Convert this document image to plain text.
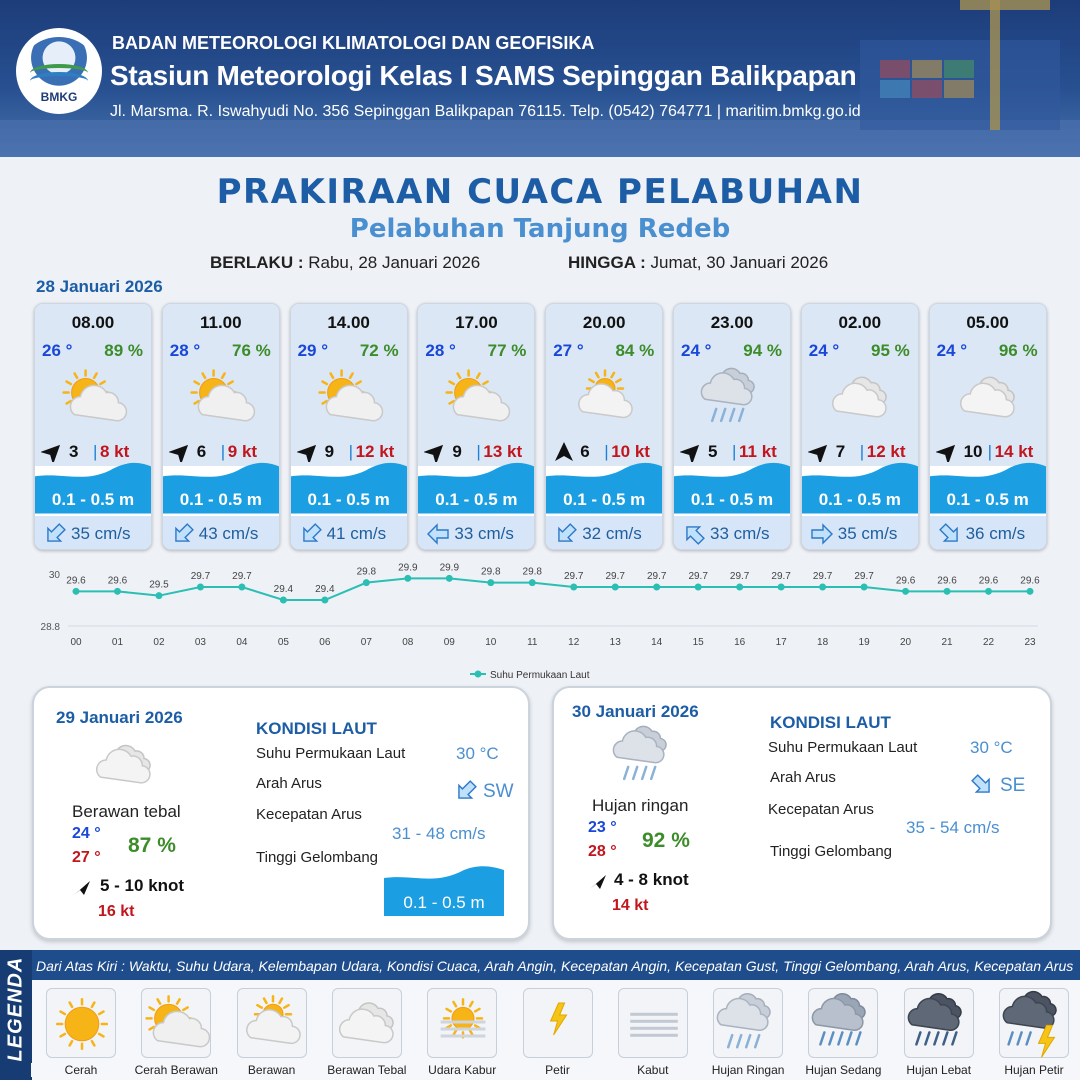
BMKG
BADAN METEOROLOGI KLIMATOLOGI DAN GEOFISIKA
Stasiun Meteorologi Kelas I SAMS Sepinggan Balikpapan
Jl. Marsma. R. Iswahyudi No. 356 Sepinggan Balikpapan 76115. Telp. (0542) 764771 | maritim.bmkg.go.id
PRAKIRAAN CUACA PELABUHAN
Pelabuhan Tanjung Redeb
BERLAKU : Rabu, 28 Januari 2026	HINGGA : Jumat, 30 Januari 2026
28 Januari 2026
08.00
26 ° 89 %
3 | 8 kt
0.1 - 0.5 m
35 cm/s
11.00
28 ° 76 %
6 | 9 kt
0.1 - 0.5 m
43 cm/s
14.00
29 ° 72 %
9 | 12 kt
0.1 - 0.5 m
41 cm/s
17.00
28 ° 77 %
9 | 13 kt
0.1 - 0.5 m
33 cm/s
20.00
27 ° 84 %
6 | 10 kt
0.1 - 0.5 m
32 cm/s
23.00
24 ° 94 %
5 | 11 kt
0.1 - 0.5 m
33 cm/s
02.00
24 ° 95 %
7 | 12 kt
0.1 - 0.5 m
35 cm/s
05.00
24 ° 96 %
10 | 14 kt
0.1 - 0.5 m
36 cm/s
30
28.8
29.6
00
29.6
01
29.5
02
29.7
03
29.7
04
29.4
05
29.4
06
29.8
07
29.9
08
29.9
09
29.8
10
29.8
11
29.7
12
29.7
13
29.7
14
29.7
15
29.7
16
29.7
17
29.7
18
29.7
19
29.6
20
29.6
21
29.6
22
29.6
23
Suhu Permukaan Laut
29 Januari 2026
Berawan tebal
24 °
27 °
87 %
5 - 10 knot
16 kt
KONDISI LAUT
Suhu Permukaan Laut	30 °C
Arah Arus	SW
Kecepatan Arus
31 - 48 cm/s
Tinggi Gelombang
0.1 - 0.5 m
30 Januari 2026
Hujan ringan
23 °
28 ° 92 %
4 - 8 knot
14 kt
KONDISI LAUT
Suhu Permukaan Laut	30 °C
Arah Arus	SE
Kecepatan Arus
35 - 54 cm/s
Tinggi Gelombang
LEGENDA Dari Atas Kiri : Waktu, Suhu Udara, Kelembapan Udara, Kondisi Cuaca, Arah Angin, Kecepatan Angin, Kecepatan Gust, Tinggi Gelombang, Arah Arus, Kecepatan Arus
Cerah	Cerah Berawan	Berawan	Berawan Tebal	Udara Kabur	Petir	Kabut	Hujan Ringan	Hujan Sedang	Hujan Lebat	Hujan Petir
